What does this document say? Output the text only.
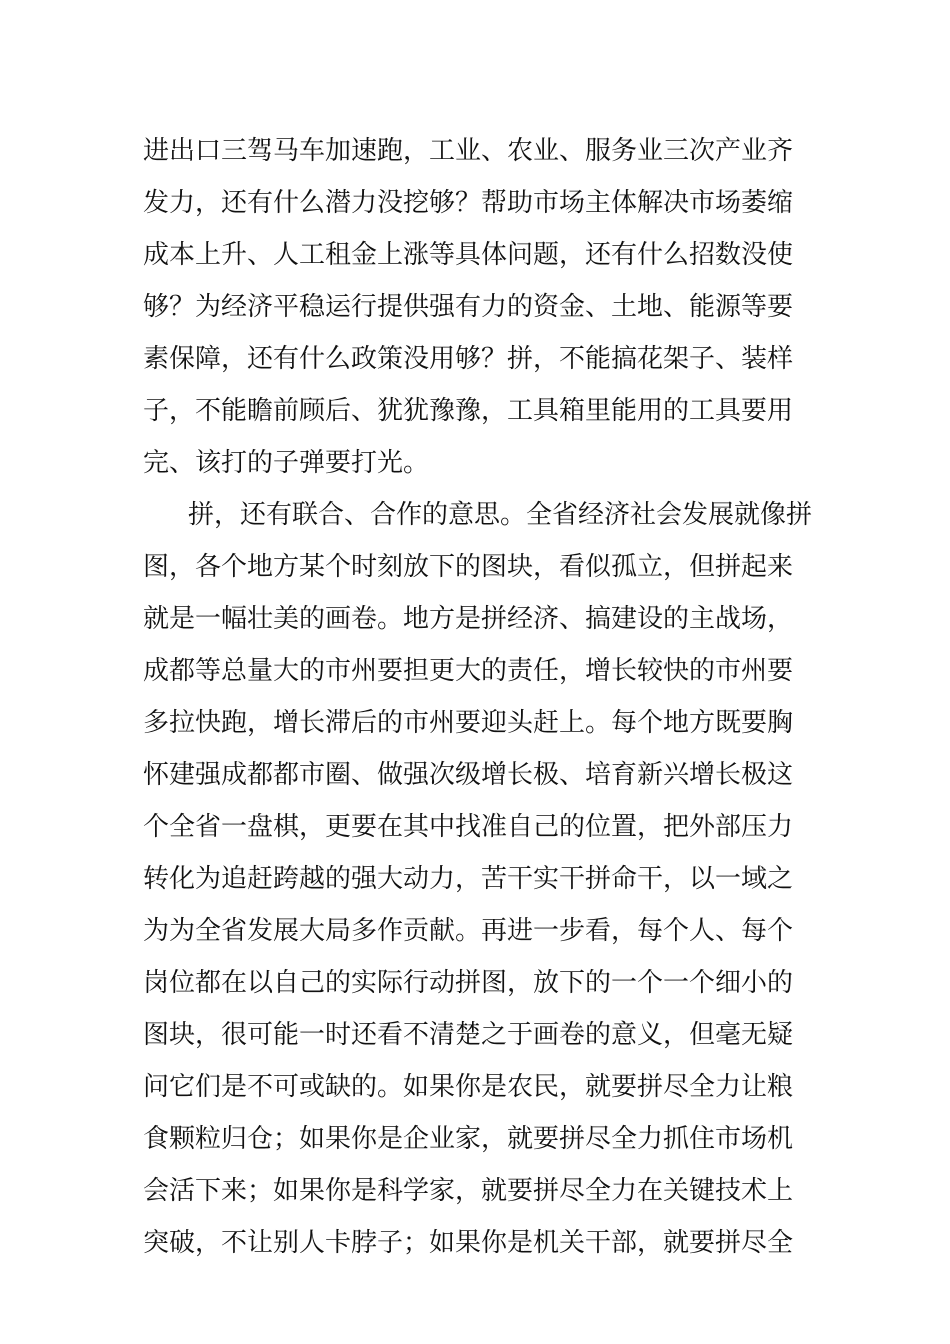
进出口三驾马车加速跑，工业、农业、服务业三次产业齐
发力，还有什么潜力没挖够？帮助市场主体解决市场萎缩
成本上升、人工租金上涨等具体问题，还有什么招数没使
够？为经济平稳运行提供强有力的资金、土地、能源等要
素保障，还有什么政策没用够？拼，不能搞花架子、装样
子，不能瞻前顾后、犹犹豫豫，工具箱里能用的工具要用
完、该打的子弹要打光。
拼，还有联合、合作的意思。全省经济社会发展就像拼
图，各个地方某个时刻放下的图块，看似孤立，但拼起来
就是一幅壮美的画卷。地方是拼经济、搞建设的主战场，
成都等总量大的市州要担更大的责任，增长较快的市州要
多拉快跑，增长滞后的市州要迎头赶上。每个地方既要胸
怀建强成都都市圈、做强次级增长极、培育新兴增长极这
个全省一盘棋，更要在其中找准自己的位置，把外部压力
转化为追赶跨越的强大动力，苦干实干拼命干，以一域之
为为全省发展大局多作贡献。再进一步看，每个人、每个
岗位都在以自己的实际行动拼图，放下的一个一个细小的
图块，很可能一时还看不清楚之于画卷的意义，但毫无疑
问它们是不可或缺的。如果你是农民，就要拼尽全力让粮
食颗粒归仓；如果你是企业家，就要拼尽全力抓住市场机
会活下来；如果你是科学家，就要拼尽全力在关键技术上
突破，不让别人卡脖子；如果你是机关干部，就要拼尽全
